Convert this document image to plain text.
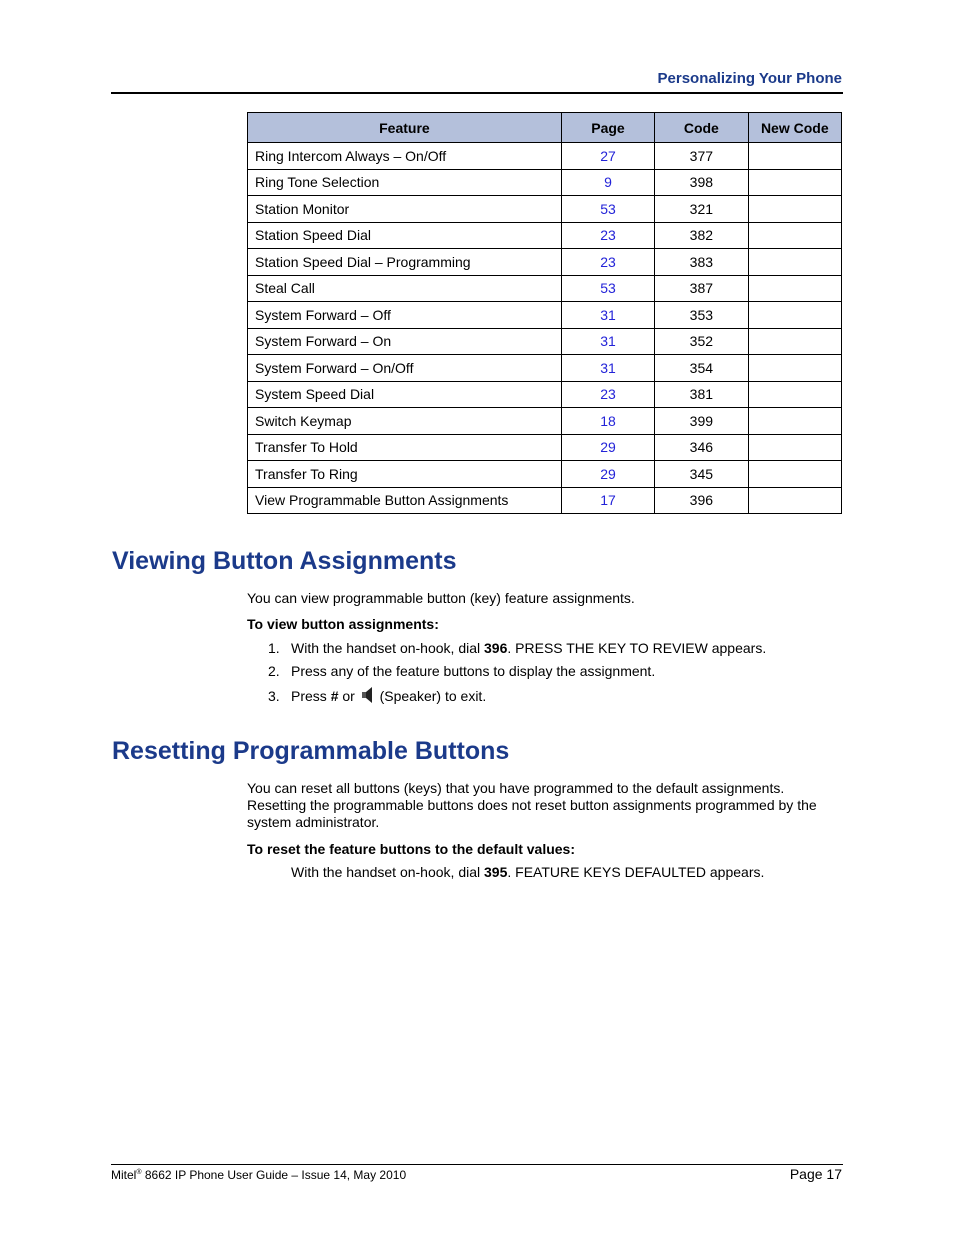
Personalizing Your Phone
Feature	Page	Code	New Code
Ring Intercom Always – On/Off	27	377	
Ring Tone Selection	9	398	
Station Monitor	53	321	
Station Speed Dial	23	382	
Station Speed Dial – Programming	23	383	
Steal Call	53	387	
System Forward – Off	31	353	
System Forward – On	31	352	
System Forward – On/Off	31	354	
System Speed Dial	23	381	
Switch Keymap	18	399	
Transfer To Hold	29	346	
Transfer To Ring	29	345	
View Programmable Button Assignments	17	396	
Viewing Button Assignments

You can view programmable button (key) feature assignments.

To view button assignments:

1. With the handset on-hook, dial 396. PRESS THE KEY TO REVIEW appears.
2. Press any of the feature buttons to display the assignment.
3. Press # or  (Speaker) to exit.
Resetting Programmable Buttons

You can reset all buttons (keys) that you have programmed to the default assignments. Resetting the programmable buttons does not reset button assignments programmed by the system administrator.

To reset the feature buttons to the default values:

With the handset on-hook, dial 395. FEATURE KEYS DEFAULTED appears.
Mitel® 8662 IP Phone User Guide – Issue 14, May 2010	Page 17
